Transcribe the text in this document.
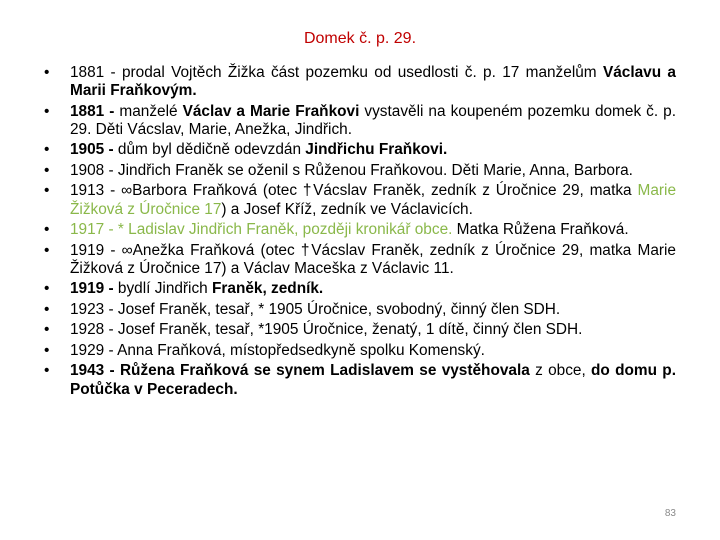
Domek č. p. 29.
•	1881 - prodal Vojtěch Žižka část pozemku od usedlosti č. p. 17 manželům Václavu a Marii Fraňkovým.
•	1881 - manželé Václav a Marie Fraňkovi vystavěli na koupeném pozemku domek č. p. 29. Děti Vácslav, Marie, Anežka, Jindřich.
•	1905 - dům byl dědičně odevzdán Jindřichu Fraňkovi.
•	1908 - Jindřich Franěk se oženil s Růženou Fraňkovou. Děti Marie, Anna, Barbora.
•	1913 - ∞Barbora Fraňková (otec †Vácslav Franěk, zedník z Úročnice 29, matka Marie Žižková z Úročnice 17) a Josef Kříž, zedník ve Václavicích.
•	1917 - * Ladislav Jindřich Franěk, později kronikář obce. Matka Růžena Fraňková.
•	1919 - ∞Anežka Fraňková (otec †Vácslav Franěk, zedník z Úročnice 29, matka Marie Žižková z Úročnice 17) a Václav Maceška z Václavic 11.
•	1919 - bydlí Jindřich Franěk, zedník.
•	1923 - Josef Franěk, tesař, * 1905 Úročnice, svobodný, činný člen SDH.
•	1928 - Josef Franěk, tesař, *1905 Úročnice, ženatý, 1 dítě, činný člen SDH.
•	1929 - Anna Fraňková, místopředsedkyně spolku Komenský.
•	1943 - Růžena Fraňková se synem Ladislavem se vystěhovala z obce, do domu p. Potůčka v Peceradech.
83
